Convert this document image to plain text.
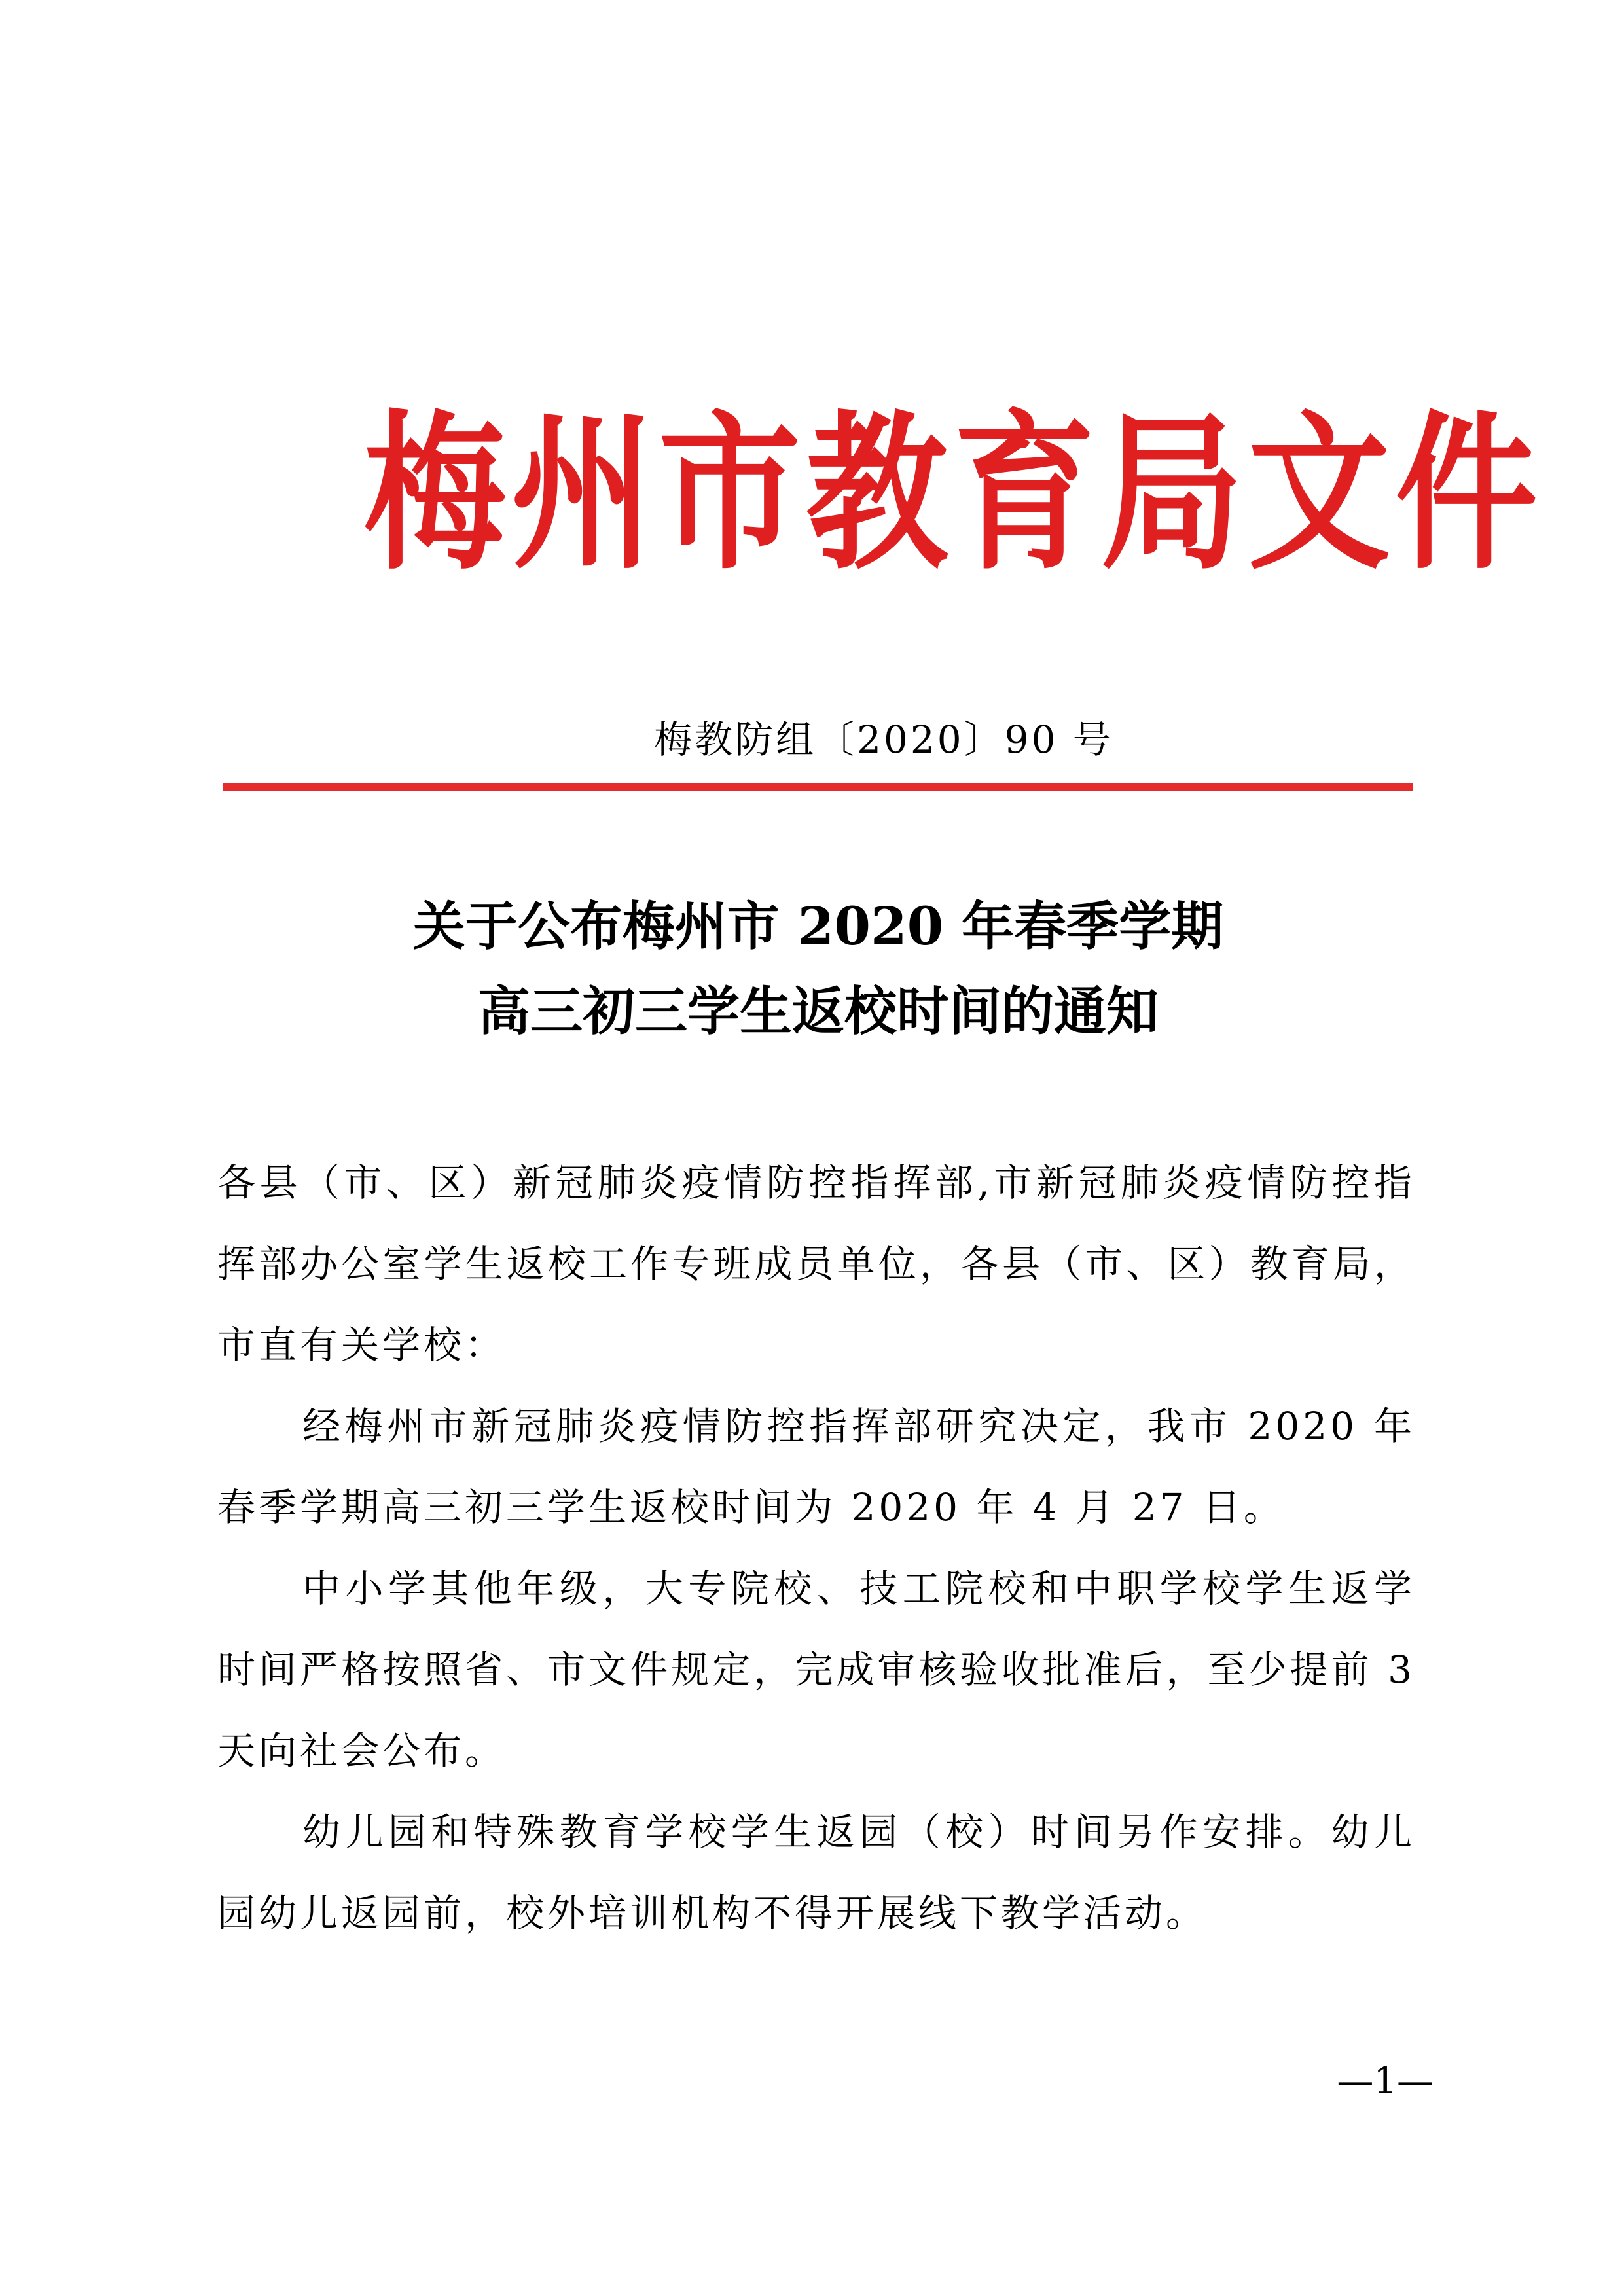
梅州市教育局文件
梅教防组〔2020〕90 号
关于公布梅州市 2020 年春季学期
高三初三学生返校时间的通知

各县（市、区）新冠肺炎疫情防控指挥部,市新冠肺炎疫情防控指挥部办公室学生返校工作专班成员单位，各县（市、区）教育局，市直有关学校：

经梅州市新冠肺炎疫情防控指挥部研究决定，我市 2020 年春季学期高三初三学生返校时间为 2020 年 4 月 27 日。

中小学其他年级，大专院校、技工院校和中职学校学生返学时间严格按照省、市文件规定，完成审核验收批准后，至少提前 3 天向社会公布。

幼儿园和特殊教育学校学生返园（校）时间另作安排。幼儿园幼儿返园前，校外培训机构不得开展线下教学活动。

—1—
